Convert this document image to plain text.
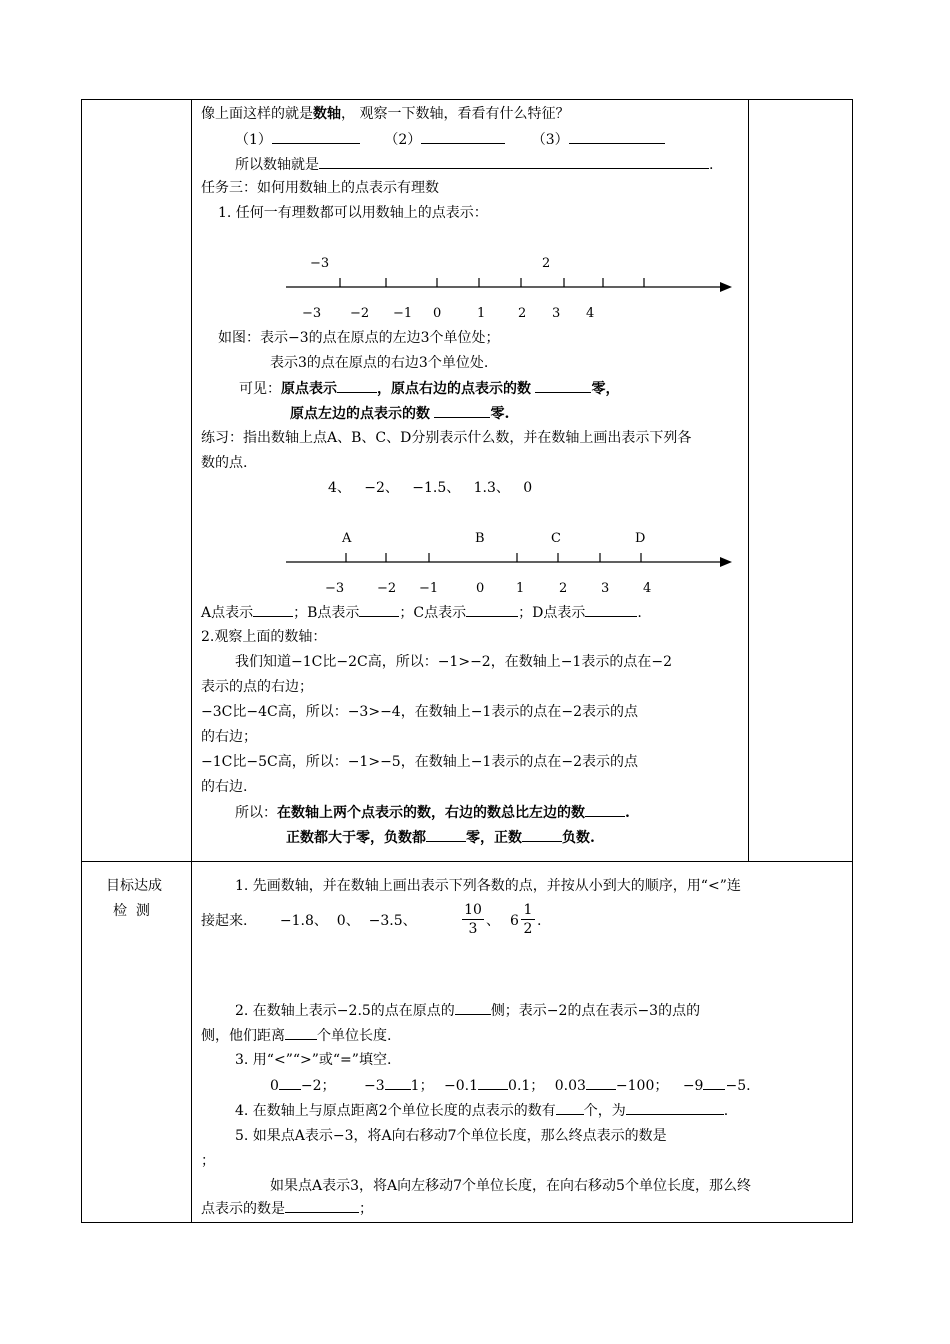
像上面这样的就是数轴， 观察一下数轴，看看有什么特征？
（1）	（2）	（3）
所以数轴就是	.
任务三：如何用数轴上的点表示有理数
1. 任何一有理数都可以用数轴上的点表示：
−3	2
−3 −2 −1 0	1	2 3 4
如图：表示−3的点在原点的左边3个单位处；
表示3的点在原点的右边3个单位处.
可见：原点表示	，原点右边的点表示的数	零，
原点左边的点表示的数	零.
练习：指出数轴上点A、B、C、D分别表示什么数，并在数轴上画出表示下列各
数的点.
4、   −2、   −1.5、   1.3、   0
A	B	C	D
−3	−2 −1	0 1	2	3	4
A点表示	；B点表示	；C点表示	；D点表示	.
2.观察上面的数轴：
我们知道−1C比−2C高，所以：−1>−2，在数轴上−1表示的点在−2
表示的点的右边；
−3C比−4C高，所以：−3>−4，在数轴上−1表示的点在−2表示的点
的右边；
−1C比−5C高，所以：−1>−5，在数轴上−1表示的点在−2表示的点
的右边.
所以：在数轴上两个点表示的数，右边的数总比左边的数	.
正数都大于零，负数都	零，正数	负数.
目标达成
检  测
1. 先画数轴，并在数轴上画出表示下列各数的点，并按从小到大的顺序，用“<”连
接起来. −1.8、  0、  −3.5、	$\frac{10}{3}$ 、 $6 \frac{1}{2}$ .
2. 在数轴上表示−2.5的点在原点的	侧；表示−2的点在表示−3的点的
侧，他们距离 个单位长度.
3. 用“<”“>”或“=”填空.
0 −2； −3 1； −0.1 0.1； 0.03 −100； −9 −5.
4. 在数轴上与原点距离2个单位长度的点表示的数有 个，为	.
5. 如果点A表示−3，将A向右移动7个单位长度，那么终点表示的数是
；
如果点A表示3，将A向左移动7个单位长度，在向右移动5个单位长度，那么终
点表示的数是	；
